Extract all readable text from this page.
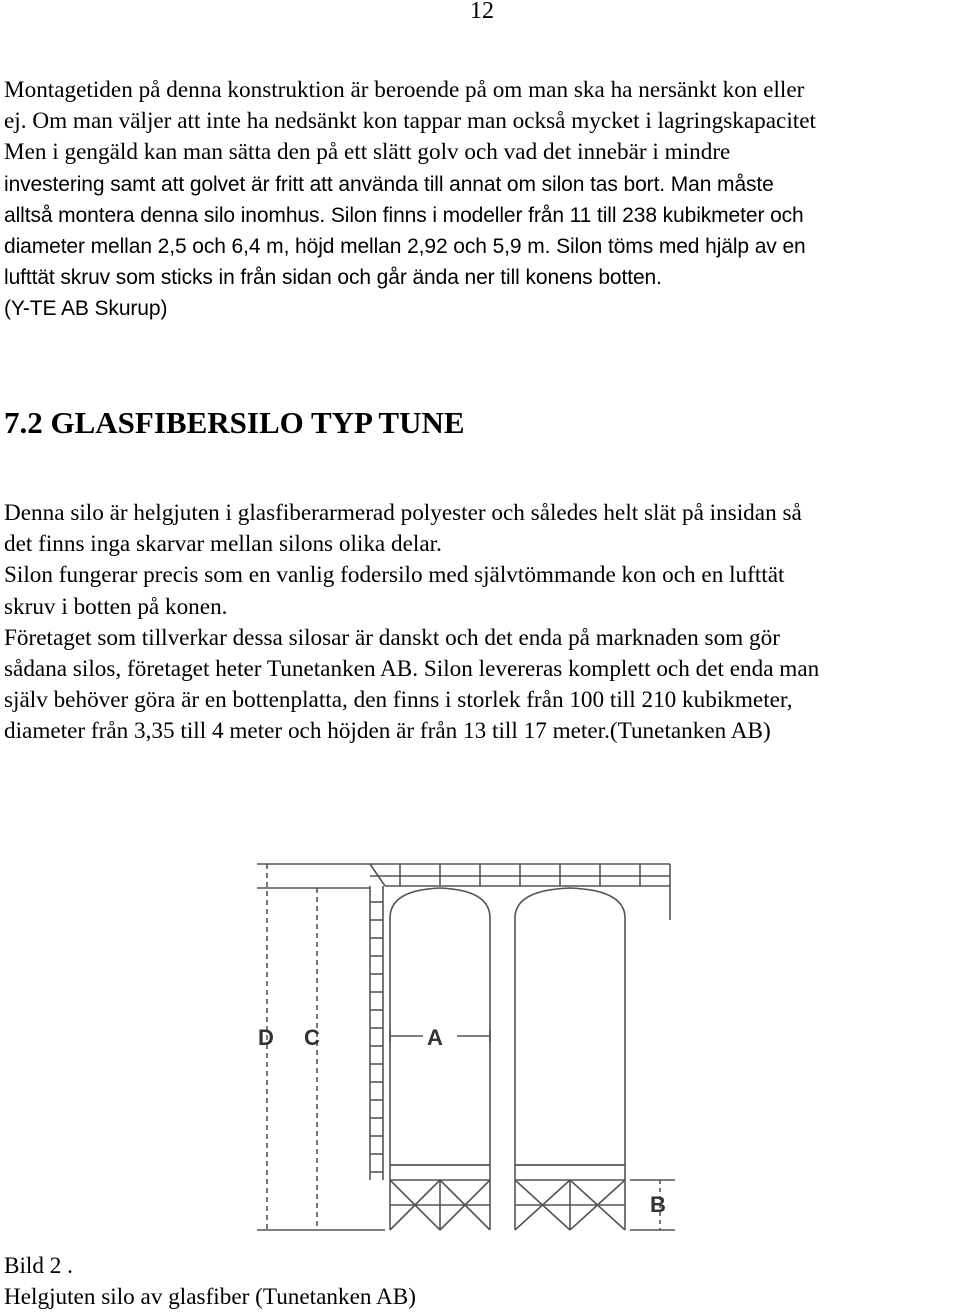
12

Montagetiden på denna konstruktion är beroende på om man ska ha nersänkt kon eller
ej. Om man väljer att inte ha nedsänkt kon tappar man också mycket i lagringskapacitet
Men i gengäld kan man sätta den på ett slätt golv och vad det innebär i mindre
investering samt att golvet är fritt att använda till annat om silon tas bort. Man måste
alltså montera denna silo inomhus. Silon finns i modeller från 11 till 238 kubikmeter och
diameter mellan 2,5 och 6,4 m, höjd mellan 2,92 och 5,9 m. Silon töms med hjälp av en
lufttät skruv som sticks in från sidan och går ända ner till konens botten.
(Y-TE AB Skurup)

7.2 GLASFIBERSILO TYP TUNE

Denna silo är helgjuten i glasfiberarmerad polyester och således helt slät på insidan så
det finns inga skarvar mellan silons olika delar.
Silon fungerar precis som en vanlig fodersilo med självtömmande kon och en lufttät
skruv i botten på konen.
Företaget som tillverkar dessa silosar är danskt och det enda på marknaden som gör
sådana silos, företaget heter Tunetanken AB. Silon levereras komplett och det enda man
själv behöver göra är en bottenplatta, den finns i storlek från 100 till 210 kubikmeter,
diameter från 3,35 till 4 meter och höjden är från 13 till 17 meter.(Tunetanken AB)

D C	A
B
Bild 2 .
Helgjuten silo av glasfiber (Tunetanken AB)
